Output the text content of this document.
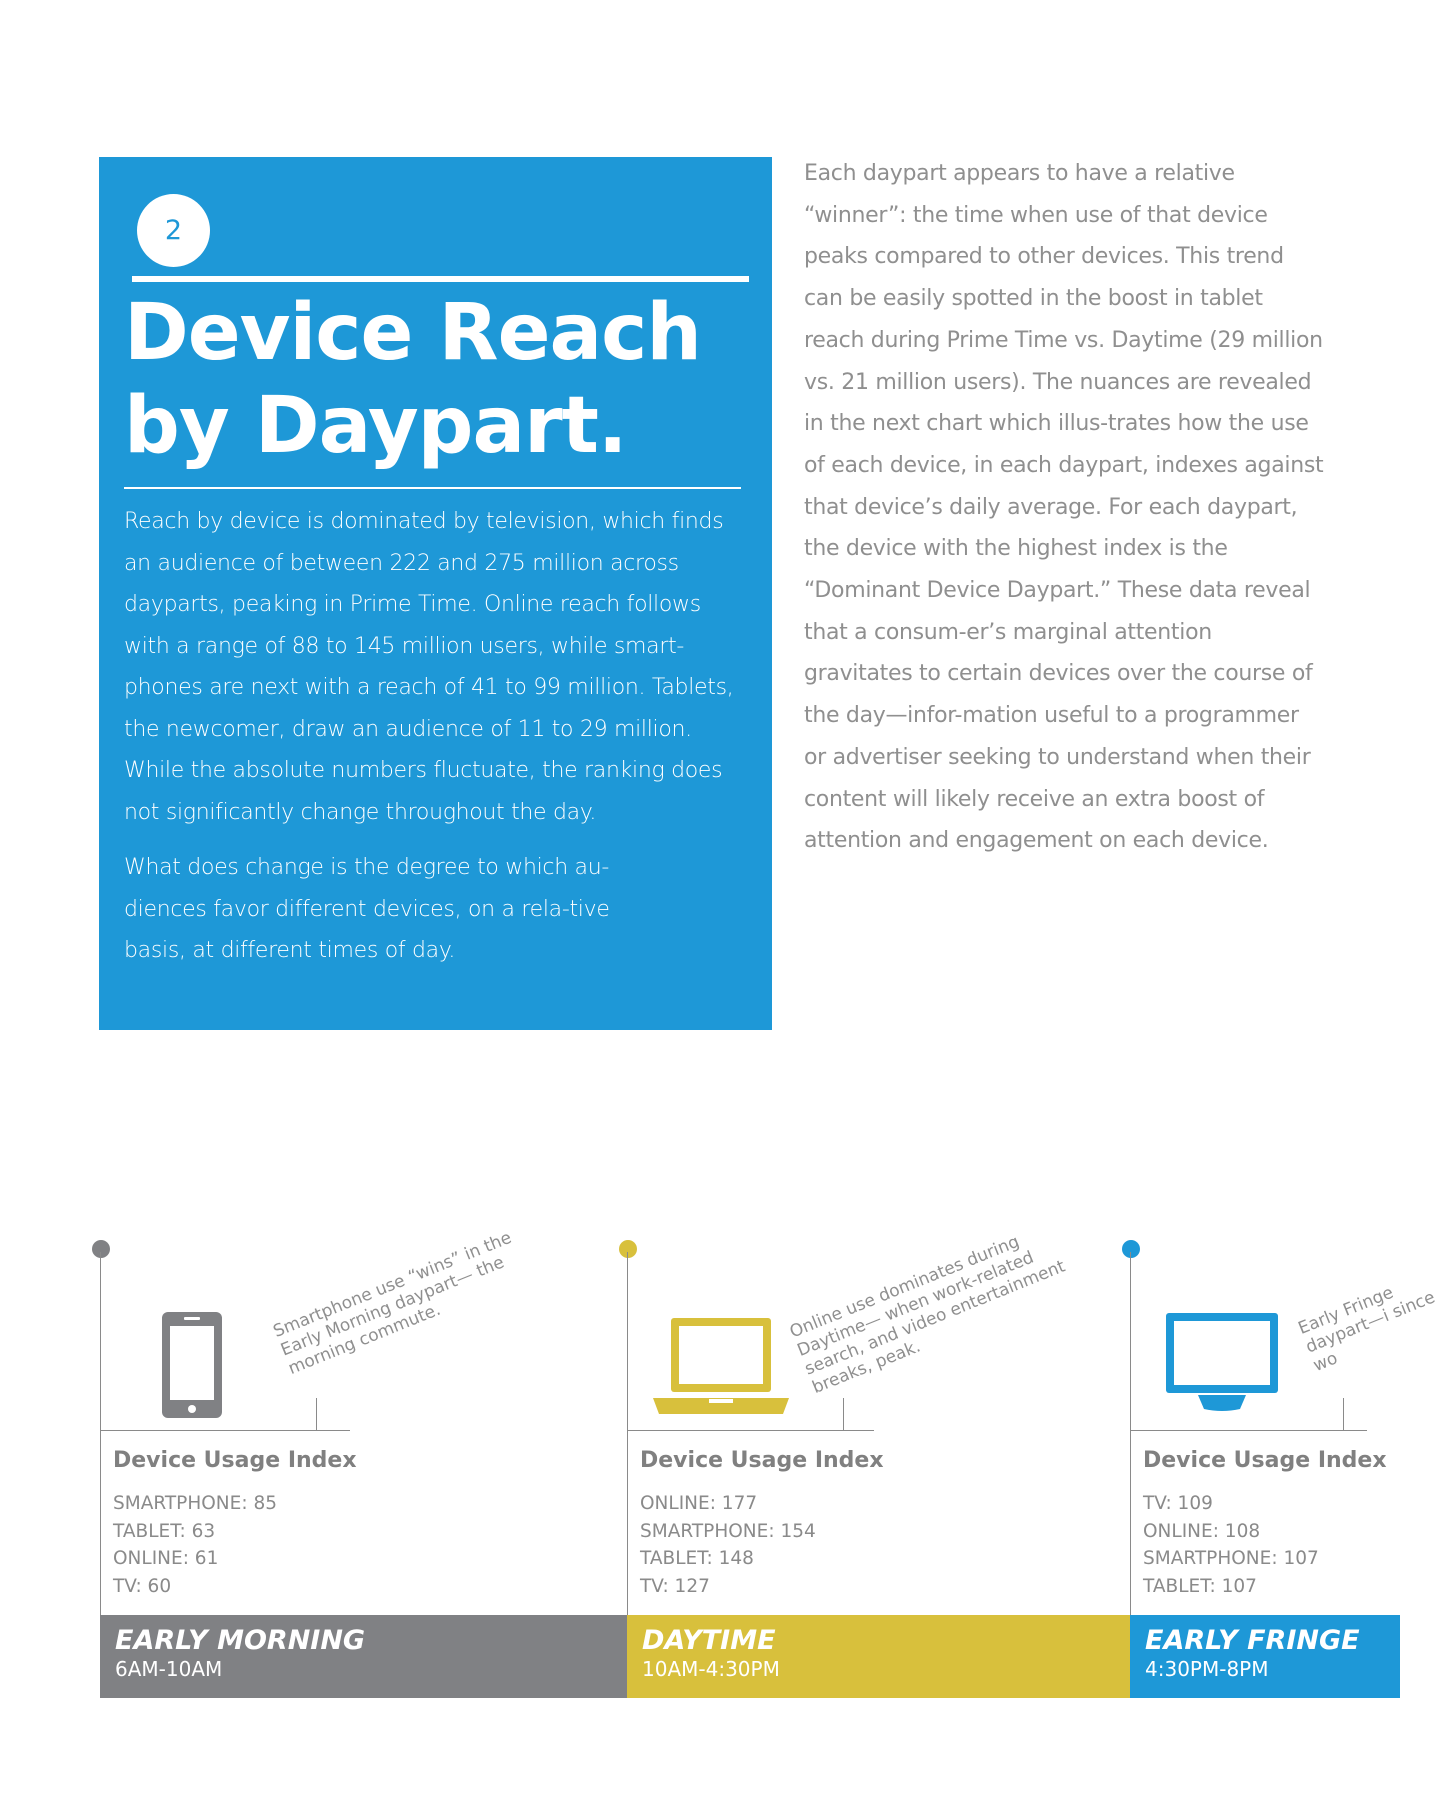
2
Device Reach by Daypart.

Reach by device is dominated by television, which finds an audience of between 222 and 275 million across dayparts, peaking in Prime Time. Online reach follows with a range of 88 to 145 million users, while smart-phones are next with a reach of 41 to 99 million. Tablets, the newcomer, draw an audience of 11 to 29 million. While the absolute numbers fluctuate, the ranking does not significantly change throughout the day.

What does change is the degree to which au-diences favor different devices, on a rela-tive basis, at different times of day.

Each daypart appears to have a relative “winner”: the time when use of that device peaks compared to other devices. This trend can be easily spotted in the boost in tablet reach during Prime Time vs. Daytime (29 million vs. 21 million users). The nuances are revealed in the next chart which illus-trates how the use of each device, in each daypart, indexes against that device’s daily average. For each daypart, the device with the highest index is the “Dominant Device Daypart.” These data reveal that a consum-er’s marginal attention gravitates to certain devices over the course of the day—infor-mation useful to a programmer or advertiser seeking to understand when their content will likely receive an extra boost of attention and engagement on each device.

Smartphone use “wins” in the Early Morning daypart— the morning commute.

Device Usage Index
SMARTPHONE: 85
TABLET: 63
ONLINE: 61
TV: 60
EARLY MORNING
6AM-10AM

Online use dominates during Daytime— when work-related search, and video entertainment breaks, peak.

Device Usage Index
ONLINE: 177
SMARTPHONE: 154
TABLET: 148
TV: 127
DAYTIME
10AM-4:30PM

Early Fringe daypart—i since wo

Device Usage Index
TV: 109
ONLINE: 108
SMARTPHONE: 107
TABLET: 107
EARLY FRINGE
4:30PM-8PM
